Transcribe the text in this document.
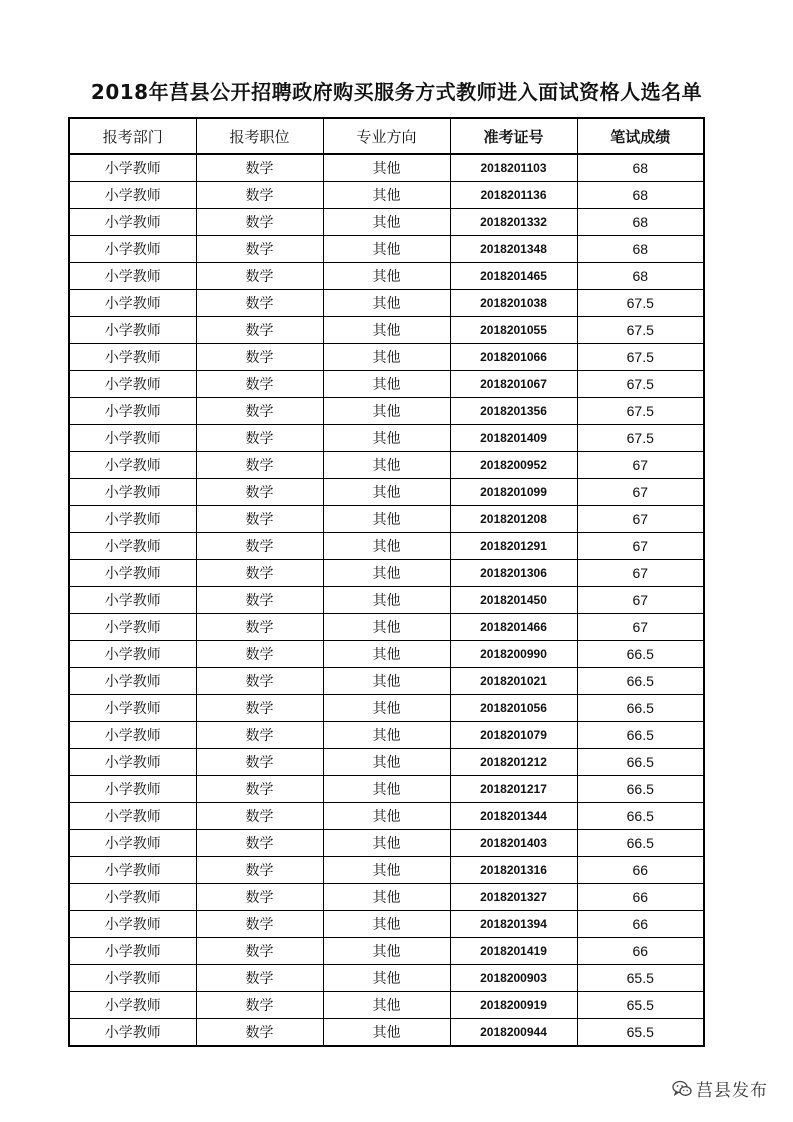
2018年莒县公开招聘政府购买服务方式教师进入面试资格人选名单
报考部门	报考职位	专业方向	准考证号	笔试成绩
小学教师	数学	其他	2018201103	68
小学教师	数学	其他	2018201136	68
小学教师	数学	其他	2018201332	68
小学教师	数学	其他	2018201348	68
小学教师	数学	其他	2018201465	68
小学教师	数学	其他	2018201038	67.5
小学教师	数学	其他	2018201055	67.5
小学教师	数学	其他	2018201066	67.5
小学教师	数学	其他	2018201067	67.5
小学教师	数学	其他	2018201356	67.5
小学教师	数学	其他	2018201409	67.5
小学教师	数学	其他	2018200952	67
小学教师	数学	其他	2018201099	67
小学教师	数学	其他	2018201208	67
小学教师	数学	其他	2018201291	67
小学教师	数学	其他	2018201306	67
小学教师	数学	其他	2018201450	67
小学教师	数学	其他	2018201466	67
小学教师	数学	其他	2018200990	66.5
小学教师	数学	其他	2018201021	66.5
小学教师	数学	其他	2018201056	66.5
小学教师	数学	其他	2018201079	66.5
小学教师	数学	其他	2018201212	66.5
小学教师	数学	其他	2018201217	66.5
小学教师	数学	其他	2018201344	66.5
小学教师	数学	其他	2018201403	66.5
小学教师	数学	其他	2018201316	66
小学教师	数学	其他	2018201327	66
小学教师	数学	其他	2018201394	66
小学教师	数学	其他	2018201419	66
小学教师	数学	其他	2018200903	65.5
小学教师	数学	其他	2018200919	65.5
小学教师	数学	其他	2018200944	65.5
莒县发布
